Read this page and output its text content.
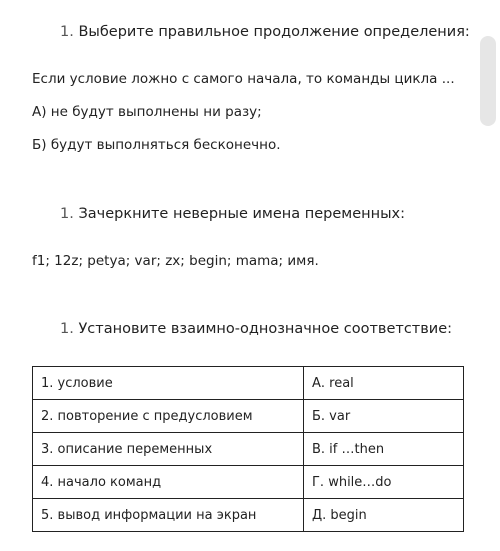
1. Выберите правильное продолжение определения:
Если условие ложно с самого начала, то команды цикла ...
А) не будут выполнены ни разу;
Б) будут выполняться бесконечно.
1. Зачеркните неверные имена переменных:
f1; 12z; petya; var; zx; begin; mama; имя.
1. Установите взаимно-однозначное соответствие:
1. условие	А. real
2. повторение с предусловием	Б. var
3. описание переменных	В. if …then
4. начало команд	Г. while…do
5. вывод информации на экран	Д. begin
